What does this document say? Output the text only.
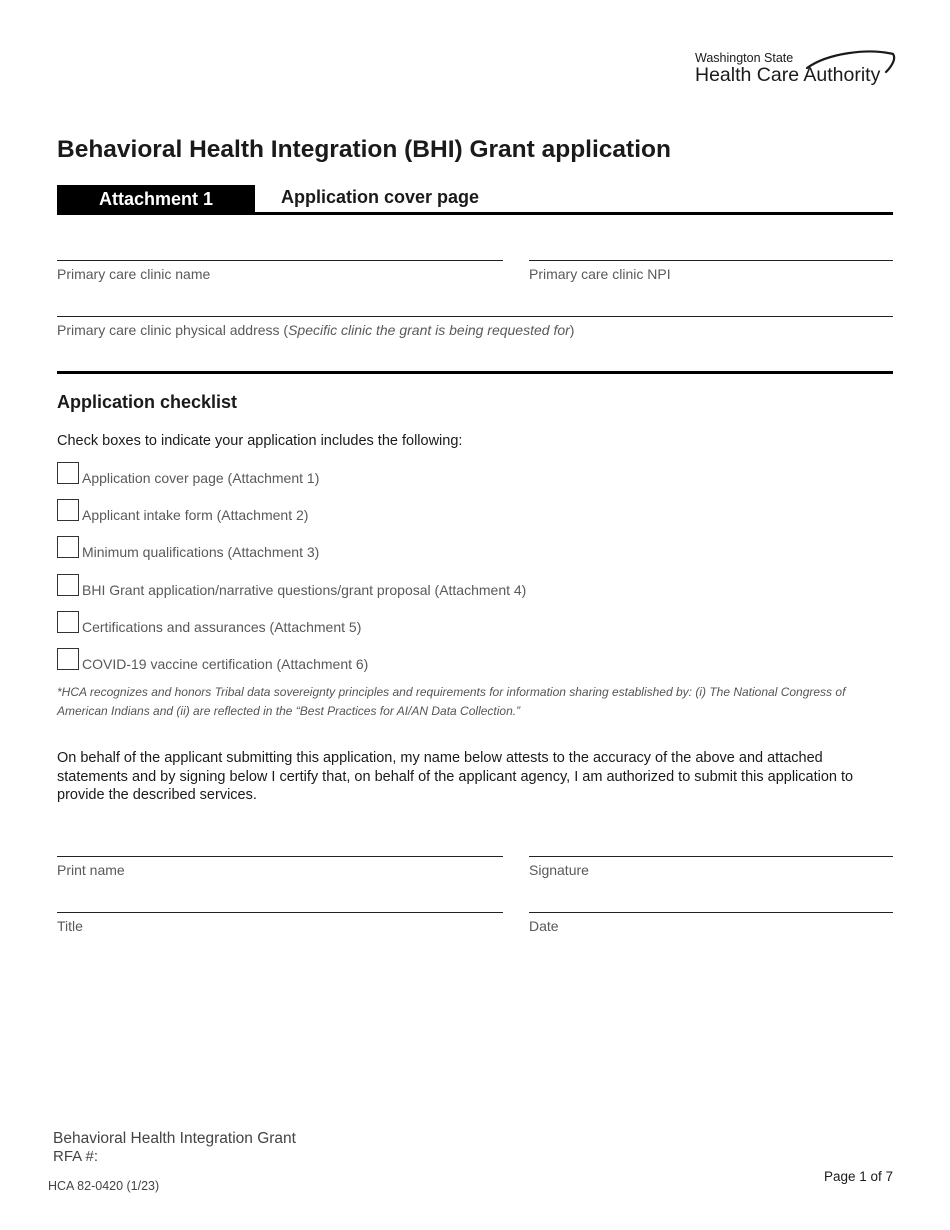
Washington State
Health Care Authority
Behavioral Health Integration (BHI) Grant application
Attachment 1	Application cover page
Primary care clinic name	Primary care clinic NPI
Primary care clinic physical address (Specific clinic the grant is being requested for)
Application checklist
Check boxes to indicate your application includes the following:
Application cover page (Attachment 1)
Applicant intake form (Attachment 2)
Minimum qualifications (Attachment 3)
BHI Grant application/narrative questions/grant proposal (Attachment 4)
Certifications and assurances (Attachment 5)
COVID-19 vaccine certification (Attachment 6)
*HCA recognizes and honors Tribal data sovereignty principles and requirements for information sharing established by: (i) The National Congress of
American Indians and (ii) are reflected in the “Best Practices for AI/AN Data Collection.”
On behalf of the applicant submitting this application, my name below attests to the accuracy of the above and attached
statements and by signing below I certify that, on behalf of the applicant agency, I am authorized to submit this application to
provide the described services.
Print name	Signature
Title	Date
Behavioral Health Integration Grant
RFA #:
HCA 82-0420 (1/23)
Page 1 of 7
